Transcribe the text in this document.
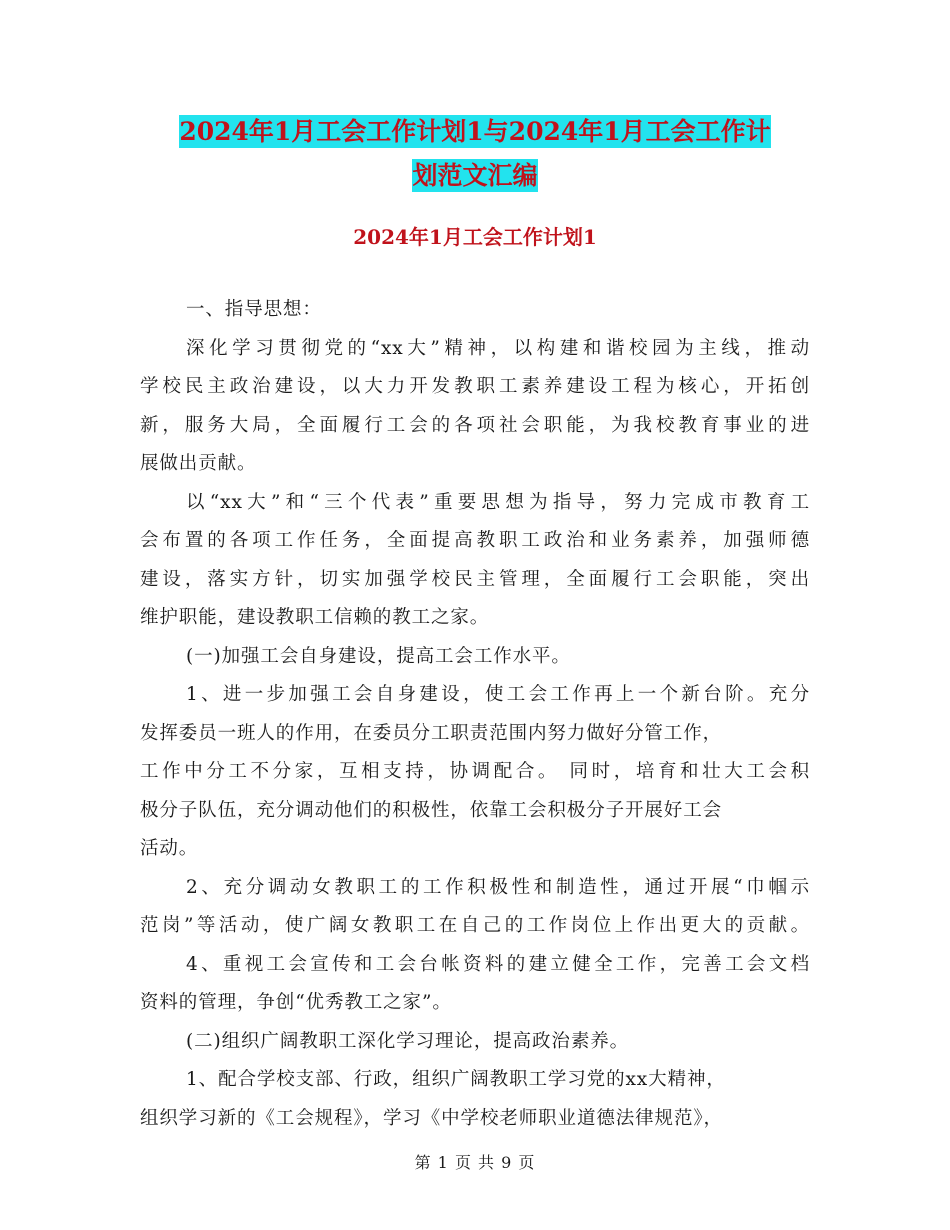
2024年1月工会工作计划1与2024年1月工会工作计
划范文汇编
2024年1月工会工作计划1
一、指导思想：
深化学习贯彻党的“xx大”精神，以构建和谐校园为主线，推动
学校民主政治建设，以大力开发教职工素养建设工程为核心，开拓创
新，服务大局，全面履行工会的各项社会职能，为我校教育事业的进
展做出贡献。
以“xx大”和“三个代表”重要思想为指导，努力完成市教育工
会布置的各项工作任务，全面提高教职工政治和业务素养，加强师德
建设，落实方针，切实加强学校民主管理，全面履行工会职能，突出
维护职能，建设教职工信赖的教工之家。
(一)加强工会自身建设，提高工会工作水平。
1、进一步加强工会自身建设，使工会工作再上一个新台阶。充分
发挥委员一班人的作用，在委员分工职责范围内努力做好分管工作，
工作中分工不分家，互相支持，协调配合。 同时，培育和壮大工会积
极分子队伍，充分调动他们的积极性，依靠工会积极分子开展好工会
活动。
2、充分调动女教职工的工作积极性和制造性，通过开展“巾帼示
范岗”等活动，使广阔女教职工在自己的工作岗位上作出更大的贡献。
4、重视工会宣传和工会台帐资料的建立健全工作，完善工会文档
资料的管理，争创“优秀教工之家”。
(二)组织广阔教职工深化学习理论，提高政治素养。
1、配合学校支部、行政，组织广阔教职工学习党的xx大精神，
组织学习新的《工会规程》，学习《中学校老师职业道德法律规范》，
第 1 页 共 9 页
